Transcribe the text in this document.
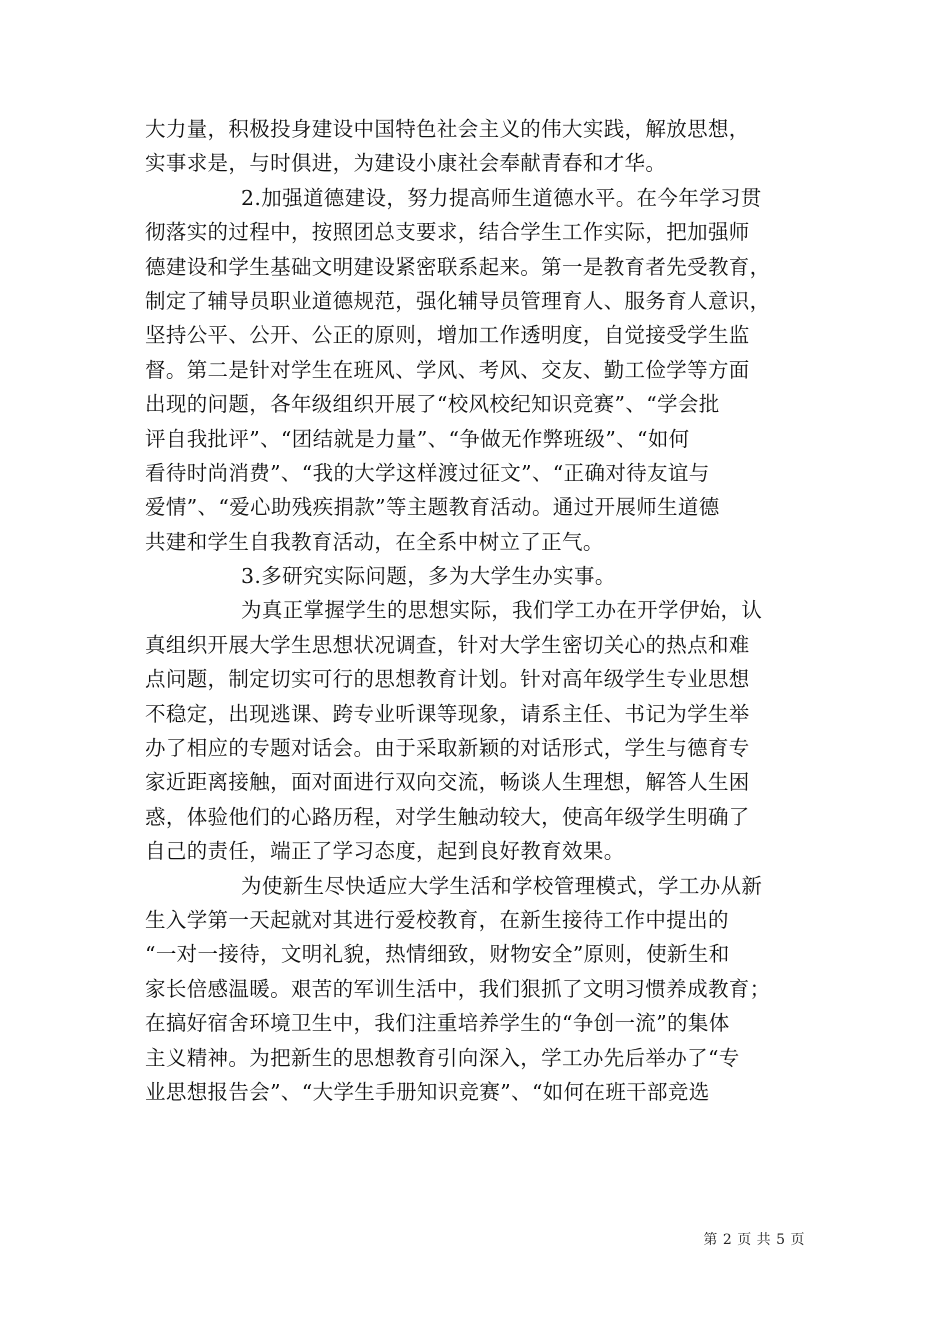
大力量，积极投身建设中国特色社会主义的伟大实践，解放思想，
实事求是，与时俱进，为建设小康社会奉献青春和才华。
2.加强道德建设，努力提高师生道德水平。在今年学习贯
彻落实的过程中，按照团总支要求，结合学生工作实际，把加强师
德建设和学生基础文明建设紧密联系起来。第一是教育者先受教育，
制定了辅导员职业道德规范，强化辅导员管理育人、服务育人意识，
坚持公平、公开、公正的原则，增加工作透明度，自觉接受学生监
督。第二是针对学生在班风、学风、考风、交友、勤工俭学等方面
出现的问题，各年级组织开展了“校风校纪知识竞赛”、“学会批
评自我批评”、“团结就是力量”、“争做无作弊班级”、“如何
看待时尚消费”、“我的大学这样渡过征文”、“正确对待友谊与
爱情”、“爱心助残疾捐款”等主题教育活动。通过开展师生道德
共建和学生自我教育活动，在全系中树立了正气。
3.多研究实际问题，多为大学生办实事。
为真正掌握学生的思想实际，我们学工办在开学伊始，认
真组织开展大学生思想状况调查，针对大学生密切关心的热点和难
点问题，制定切实可行的思想教育计划。针对高年级学生专业思想
不稳定，出现逃课、跨专业听课等现象，请系主任、书记为学生举
办了相应的专题对话会。由于采取新颖的对话形式，学生与德育专
家近距离接触，面对面进行双向交流，畅谈人生理想，解答人生困
惑，体验他们的心路历程，对学生触动较大，使高年级学生明确了
自己的责任，端正了学习态度，起到良好教育效果。
为使新生尽快适应大学生活和学校管理模式，学工办从新
生入学第一天起就对其进行爱校教育，在新生接待工作中提出的
“一对一接待，文明礼貌，热情细致，财物安全”原则，使新生和
家长倍感温暖。艰苦的军训生活中，我们狠抓了文明习惯养成教育；
在搞好宿舍环境卫生中，我们注重培养学生的“争创一流”的集体
主义精神。为把新生的思想教育引向深入，学工办先后举办了“专
业思想报告会”、“大学生手册知识竞赛”、“如何在班干部竞选
第 2 页 共 5 页
